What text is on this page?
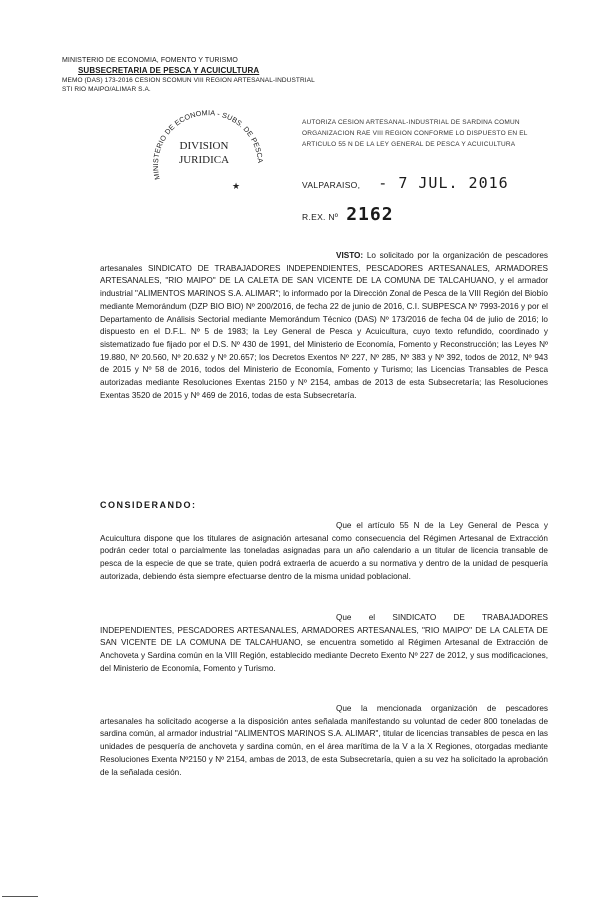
MINISTERIO DE ECONOMIA, FOMENTO Y TURISMO
SUBSECRETARIA DE PESCA Y ACUICULTURA
MEMO (DAS) 173-2016 CESION SCOMUN VIII REGION ARTESANAL-INDUSTRIAL
STI RIO MAIPO/ALIMAR S.A.
MINISTERIO DE ECONOMIA - SUBS. DE PESCA
DIVISION
JURIDICA
★
AUTORIZA CESION ARTESANAL-INDUSTRIAL DE SARDINA COMUN ORGANIZACION RAE VIII REGION CONFORME LO DISPUESTO EN EL ARTICULO 55 N DE LA LEY GENERAL DE PESCA Y ACUICULTURA
VALPARAISO, - 7 JUL. 2016
R.EX. Nº 2162
VISTO: Lo solicitado por la organización de pescadores artesanales SINDICATO DE TRABAJADORES INDEPENDIENTES, PESCADORES ARTESANALES, ARMADORES ARTESANALES, "RIO MAIPO" DE LA CALETA DE SAN VICENTE DE LA COMUNA DE TALCAHUANO, y el armador industrial "ALIMENTOS MARINOS S.A. ALIMAR"; lo informado por la Dirección Zonal de Pesca de la VIII Región del Biobío mediante Memorándum (DZP BIO BIO) Nº 200/2016, de fecha 22 de junio de 2016, C.I. SUBPESCA Nº 7993-2016 y por el Departamento de Análisis Sectorial mediante Memorándum Técnico (DAS) Nº 173/2016 de fecha 04 de julio de 2016; lo dispuesto en el D.F.L. Nº 5 de 1983; la Ley General de Pesca y Acuicultura, cuyo texto refundido, coordinado y sistematizado fue fijado por el D.S. Nº 430 de 1991, del Ministerio de Economía, Fomento y Reconstrucción; las Leyes Nº 19.880, Nº 20.560, Nº 20.632 y Nº 20.657; los Decretos Exentos Nº 227, Nº 285, Nº 383 y Nº 392, todos de 2012, Nº 943 de 2015 y Nº 58 de 2016, todos del Ministerio de Economía, Fomento y Turismo; las Licencias Transables de Pesca autorizadas mediante Resoluciones Exentas 2150 y Nº 2154, ambas de 2013 de esta Subsecretaría; las Resoluciones Exentas 3520 de 2015 y Nº 469 de 2016, todas de esta Subsecretaría.
CONSIDERANDO:
Que el artículo 55 N de la Ley General de Pesca y Acuicultura dispone que los titulares de asignación artesanal como consecuencia del Régimen Artesanal de Extracción podrán ceder total o parcialmente las toneladas asignadas para un año calendario a un titular de licencia transable de pesca de la especie de que se trate, quien podrá extraerla de acuerdo a su normativa y dentro de la unidad de pesquería autorizada, debiendo ésta siempre efectuarse dentro de la misma unidad poblacional.
Que el SINDICATO DE TRABAJADORES INDEPENDIENTES, PESCADORES ARTESANALES, ARMADORES ARTESANALES, "RIO MAIPO" DE LA CALETA DE SAN VICENTE DE LA COMUNA DE TALCAHUANO, se encuentra sometido al Régimen Artesanal de Extracción de Anchoveta y Sardina común en la VIII Región, establecido mediante Decreto Exento Nº 227 de 2012, y sus modificaciones, del Ministerio de Economía, Fomento y Turismo.
Que la mencionada organización de pescadores artesanales ha solicitado acogerse a la disposición antes señalada manifestando su voluntad de ceder 800 toneladas de sardina común, al armador industrial "ALIMENTOS MARINOS S.A. ALIMAR", titular de licencias transables de pesca en las unidades de pesquería de anchoveta y sardina común, en el área marítima de la V a la X Regiones, otorgadas mediante Resoluciones Exenta Nº2150 y Nº 2154, ambas de 2013, de esta Subsecretaría, quien a su vez ha solicitado la aprobación de la señalada cesión.
